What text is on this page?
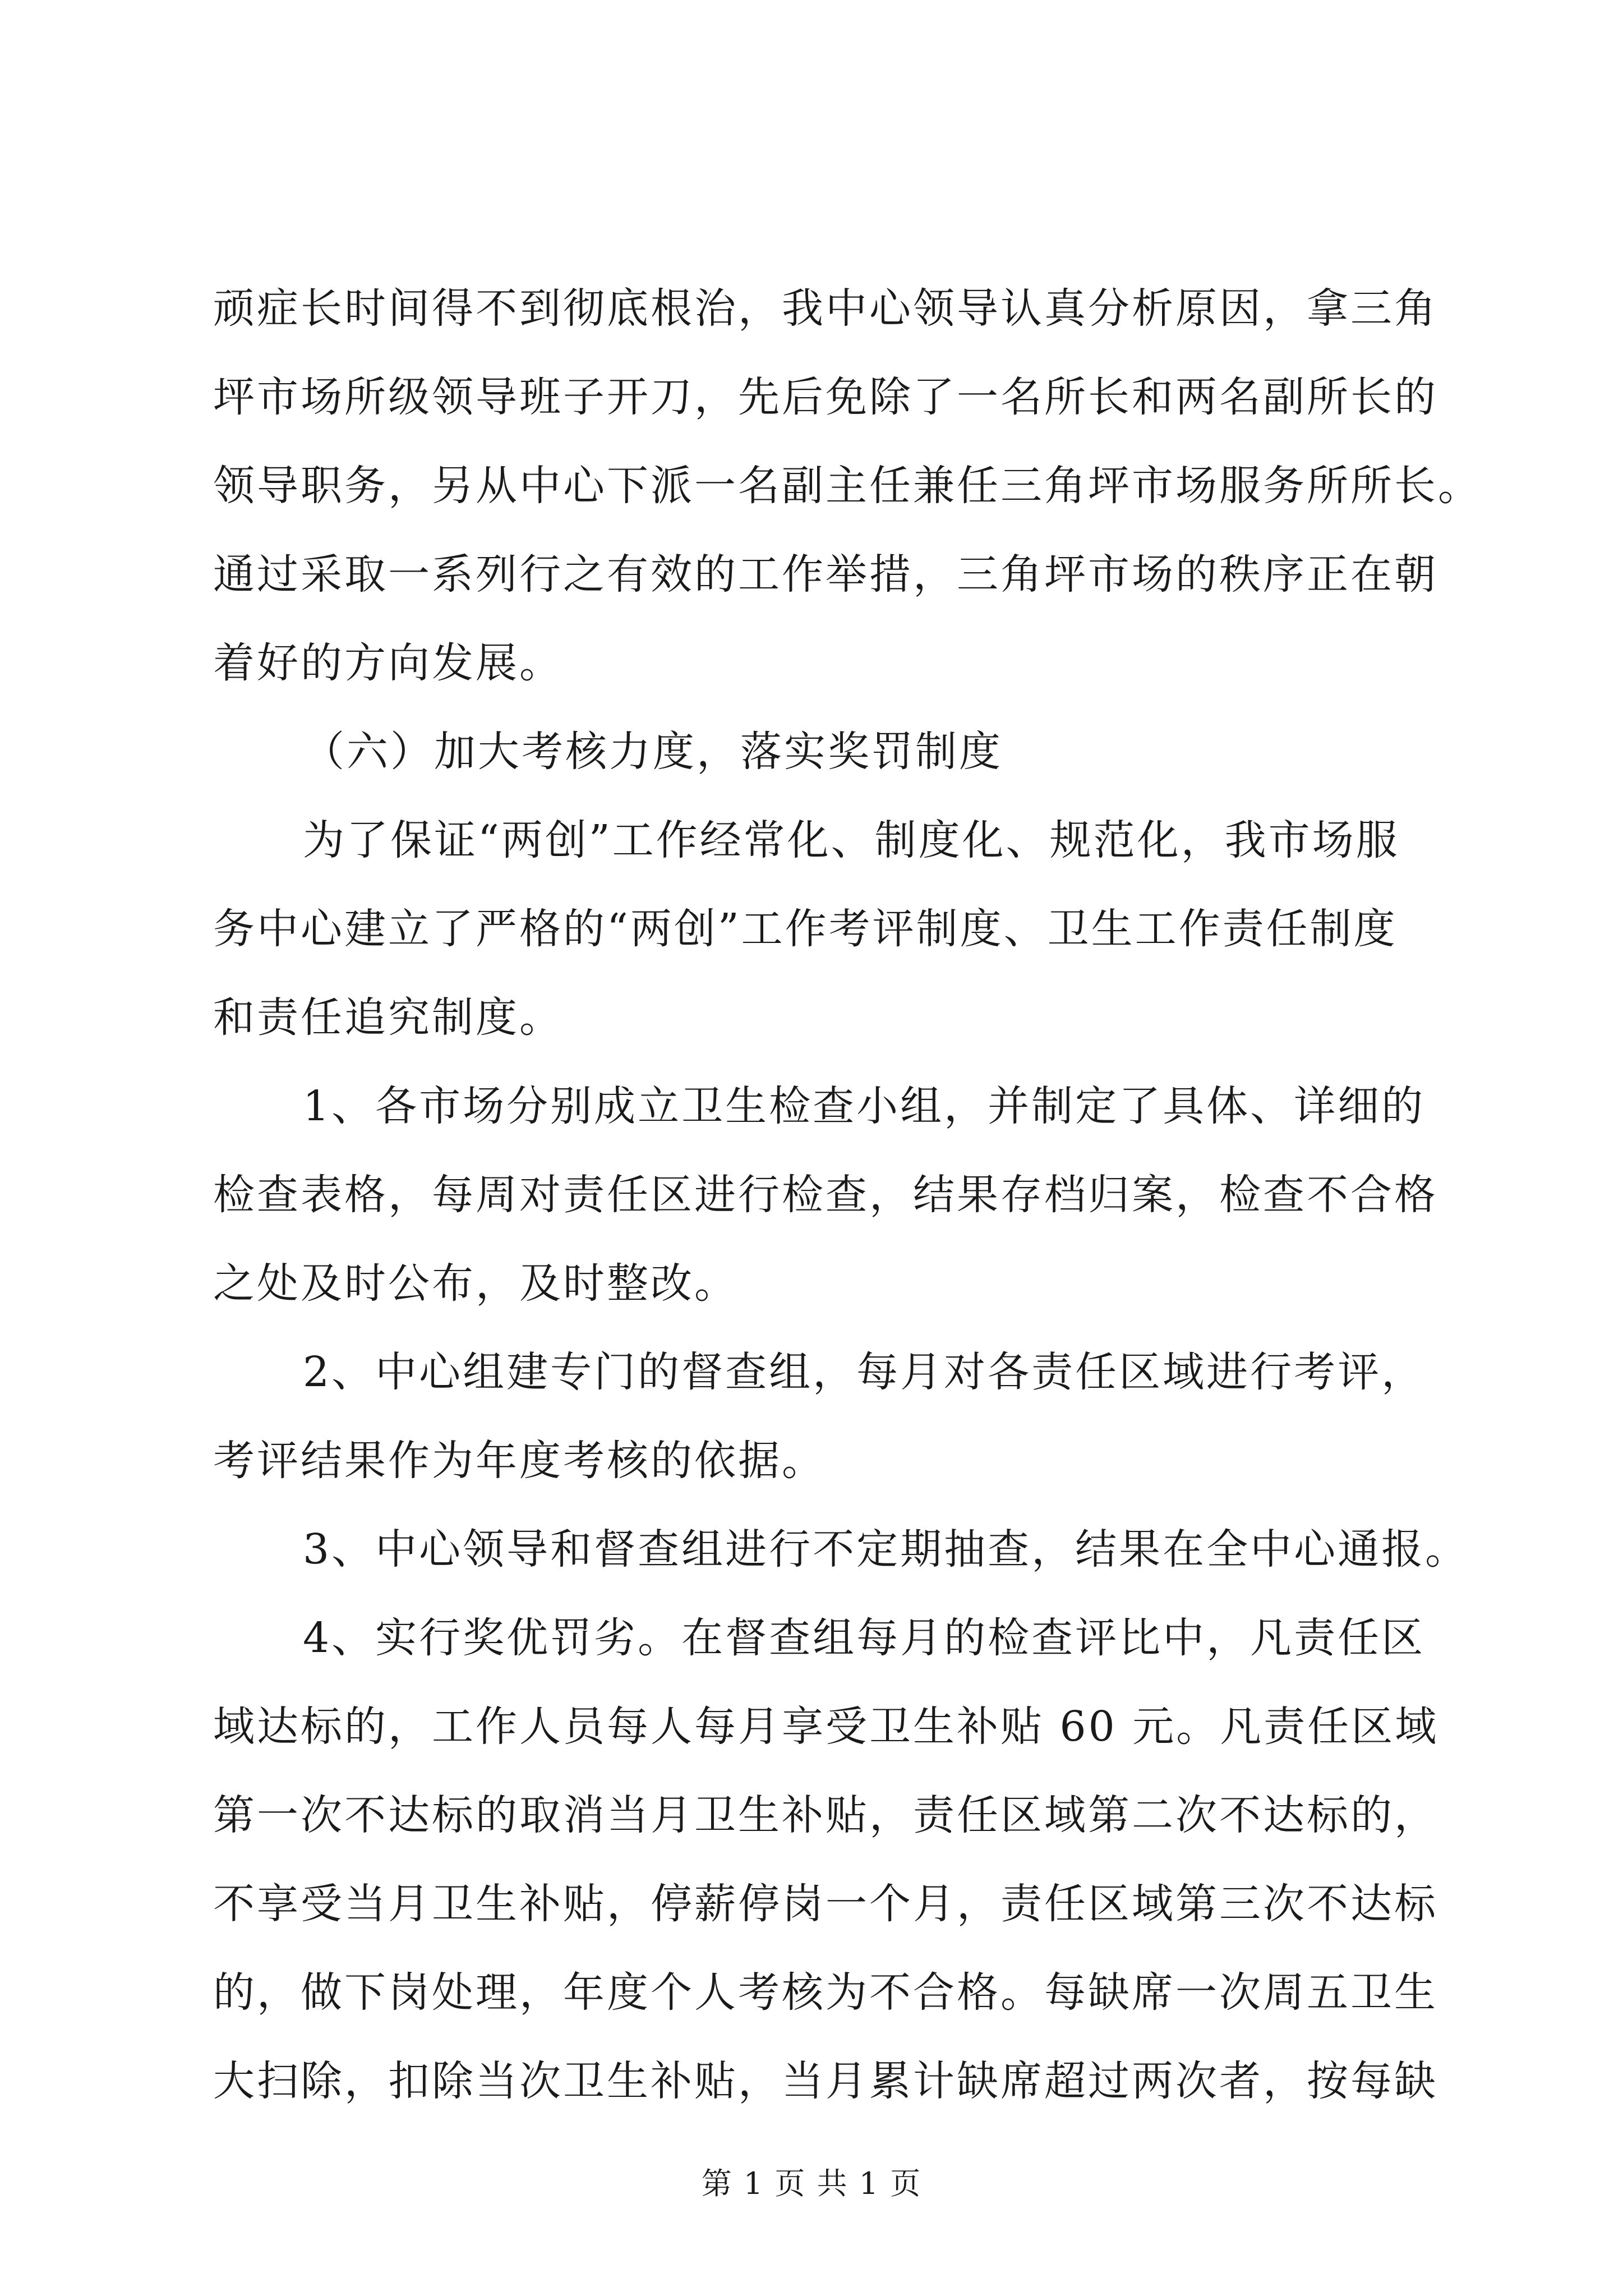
顽症长时间得不到彻底根治，我中心领导认真分析原因，拿三角
坪市场所级领导班子开刀，先后免除了一名所长和两名副所长的
领导职务，另从中心下派一名副主任兼任三角坪市场服务所所长。
通过采取一系列行之有效的工作举措，三角坪市场的秩序正在朝
着好的方向发展。
（六）加大考核力度，落实奖罚制度
为了保证“两创”工作经常化、制度化、规范化，我市场服
务中心建立了严格的“两创”工作考评制度、卫生工作责任制度
和责任追究制度。
1、各市场分别成立卫生检查小组，并制定了具体、详细的
检查表格，每周对责任区进行检查，结果存档归案，检查不合格
之处及时公布，及时整改。
2、中心组建专门的督查组，每月对各责任区域进行考评，
考评结果作为年度考核的依据。
3、中心领导和督查组进行不定期抽查，结果在全中心通报。
4、实行奖优罚劣。在督查组每月的检查评比中，凡责任区
域达标的，工作人员每人每月享受卫生补贴 60 元。凡责任区域
第一次不达标的取消当月卫生补贴，责任区域第二次不达标的，
不享受当月卫生补贴，停薪停岗一个月，责任区域第三次不达标
的，做下岗处理，年度个人考核为不合格。每缺席一次周五卫生
大扫除，扣除当次卫生补贴，当月累计缺席超过两次者，按每缺
第 1 页 共 1 页
